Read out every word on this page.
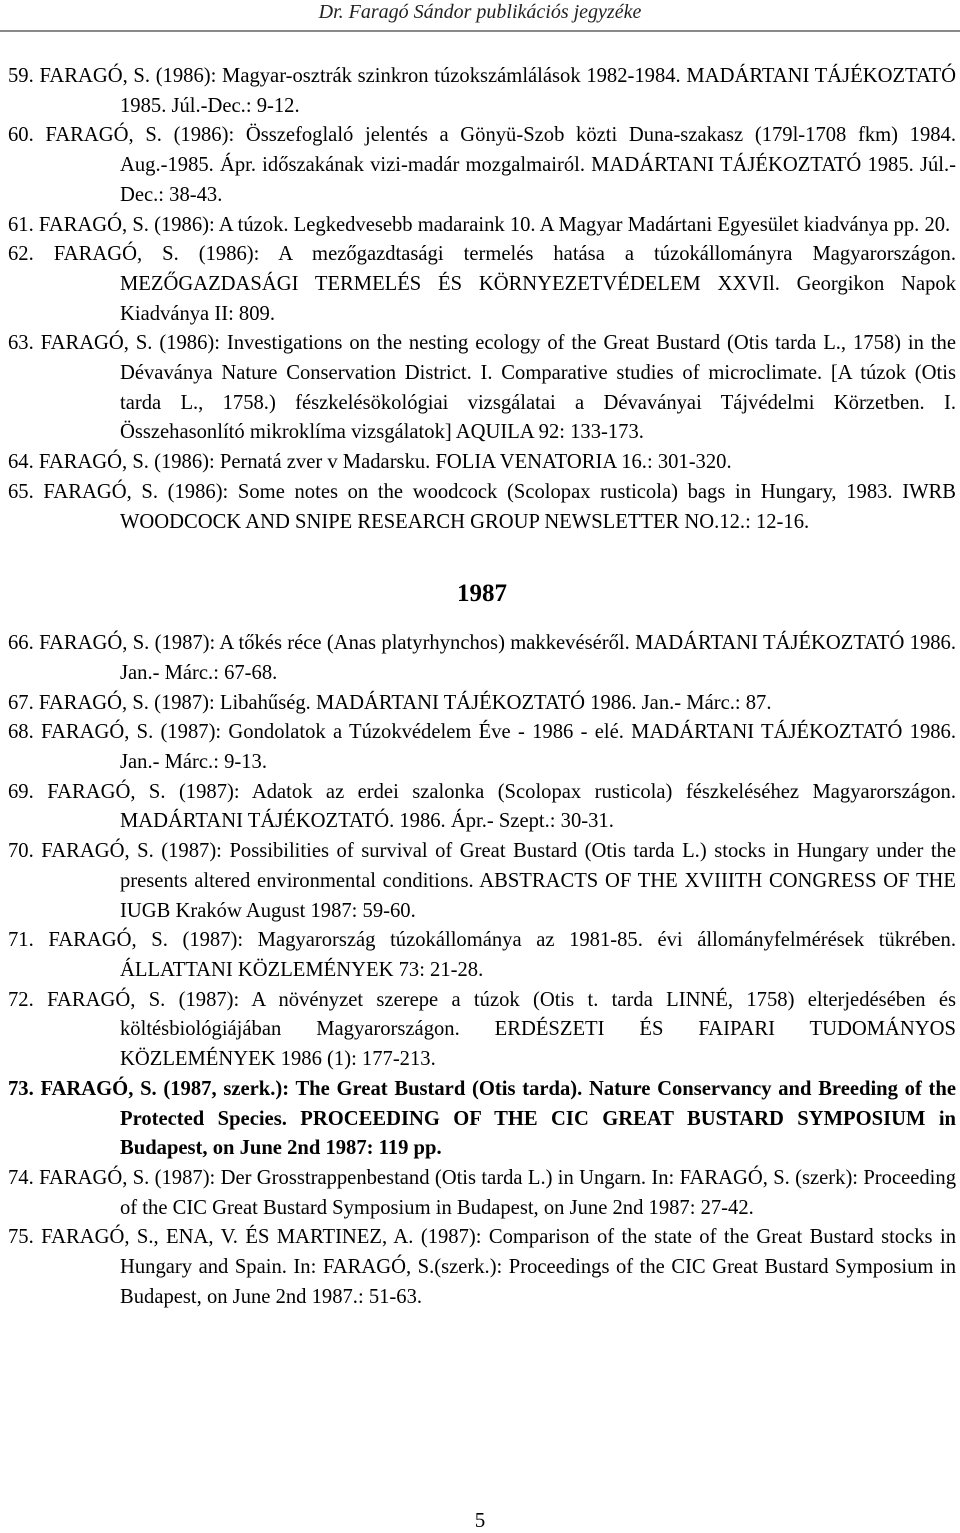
Dr. Faragó Sándor publikációs jegyzéke

59. FARAGÓ, S. (1986): Magyar-osztrák szinkron túzokszámlálások 1982-1984. MADÁRTANI TÁJÉKOZTATÓ 1985. Júl.-Dec.: 9-12.

60. FARAGÓ, S. (1986): Összefoglaló jelentés a Gönyü-Szob közti Duna-szakasz (179l-1708 fkm) 1984. Aug.-1985. Ápr. időszakának vizi-madár mozgalmairól. MADÁRTANI TÁJÉKOZTATÓ 1985. Júl.- Dec.: 38-43.

61. FARAGÓ, S. (1986): A túzok. Legkedvesebb madaraink 10. A Magyar Madártani Egyesület kiadványa pp. 20.

62. FARAGÓ, S. (1986): A mezőgazdtasági termelés hatása a túzokállományra Magyarországon. MEZŐGAZDASÁGI TERMELÉS ÉS KÖRNYEZETVÉDELEM XXVIl. Georgikon Napok Kiadványa II: 809.

63. FARAGÓ, S. (1986): Investigations on the nesting ecology of the Great Bustard (Otis tarda L., 1758) in the Dévaványa Nature Conservation District. I. Comparative studies of microclimate. [A túzok (Otis tarda L., 1758.) fészkelésökológiai vizsgálatai a Dévaványai Tájvédelmi Körzetben. I. Összehasonlító mikroklíma vizsgálatok] AQUILA 92: 133-173.

64. FARAGÓ, S. (1986): Pernatá zver v Madarsku. FOLIA VENATORIA 16.: 301-320.

65. FARAGÓ, S. (1986): Some notes on the woodcock (Scolopax rusticola) bags in Hungary, 1983. IWRB WOODCOCK AND SNIPE RESEARCH GROUP NEWSLETTER NO.12.: 12-16.

1987

66. FARAGÓ, S. (1987): A tőkés réce (Anas platyrhynchos) makkevéséről. MADÁRTANI TÁJÉKOZTATÓ 1986. Jan.- Márc.: 67-68.

67. FARAGÓ, S. (1987): Libahűség. MADÁRTANI TÁJÉKOZTATÓ 1986. Jan.- Márc.: 87.

68. FARAGÓ, S. (1987): Gondolatok a Túzokvédelem Éve - 1986 - elé. MADÁRTANI TÁJÉKOZTATÓ 1986. Jan.- Márc.: 9-13.

69. FARAGÓ, S. (1987): Adatok az erdei szalonka (Scolopax rusticola) fészkeléséhez Magyarországon. MADÁRTANI TÁJÉKOZTATÓ. 1986. Ápr.- Szept.: 30-31.

70. FARAGÓ, S. (1987): Possibilities of survival of Great Bustard (Otis tarda L.) stocks in Hungary under the presents altered environmental conditions. ABSTRACTS OF THE XVIIITH CONGRESS OF THE IUGB Kraków August 1987: 59-60.

71. FARAGÓ, S. (1987): Magyarország túzokállománya az 1981-85. évi állományfelmérések tükrében. ÁLLATTANI KÖZLEMÉNYEK 73: 21-28.

72. FARAGÓ, S. (1987): A növényzet szerepe a túzok (Otis t. tarda LINNÉ, 1758) elterjedésében és költésbiológiájában Magyarországon. ERDÉSZETI ÉS FAIPARI TUDOMÁNYOS KÖZLEMÉNYEK 1986 (1): 177-213.

73. FARAGÓ, S. (1987, szerk.): The Great Bustard (Otis tarda). Nature Conservancy and Breeding of the Protected Species. PROCEEDING OF THE CIC GREAT BUSTARD SYMPOSIUM in Budapest, on June 2nd 1987: 119 pp.

74. FARAGÓ, S. (1987): Der Grosstrappenbestand (Otis tarda L.) in Ungarn. In: FARAGÓ, S. (szerk): Proceeding of the CIC Great Bustard Symposium in Budapest, on June 2nd 1987: 27-42.

75. FARAGÓ, S., ENA, V. ÉS MARTINEZ, A. (1987): Comparison of the state of the Great Bustard stocks in Hungary and Spain. In: FARAGÓ, S.(szerk.): Proceedings of the CIC Great Bustard Symposium in Budapest, on June 2nd 1987.: 51-63.

5
